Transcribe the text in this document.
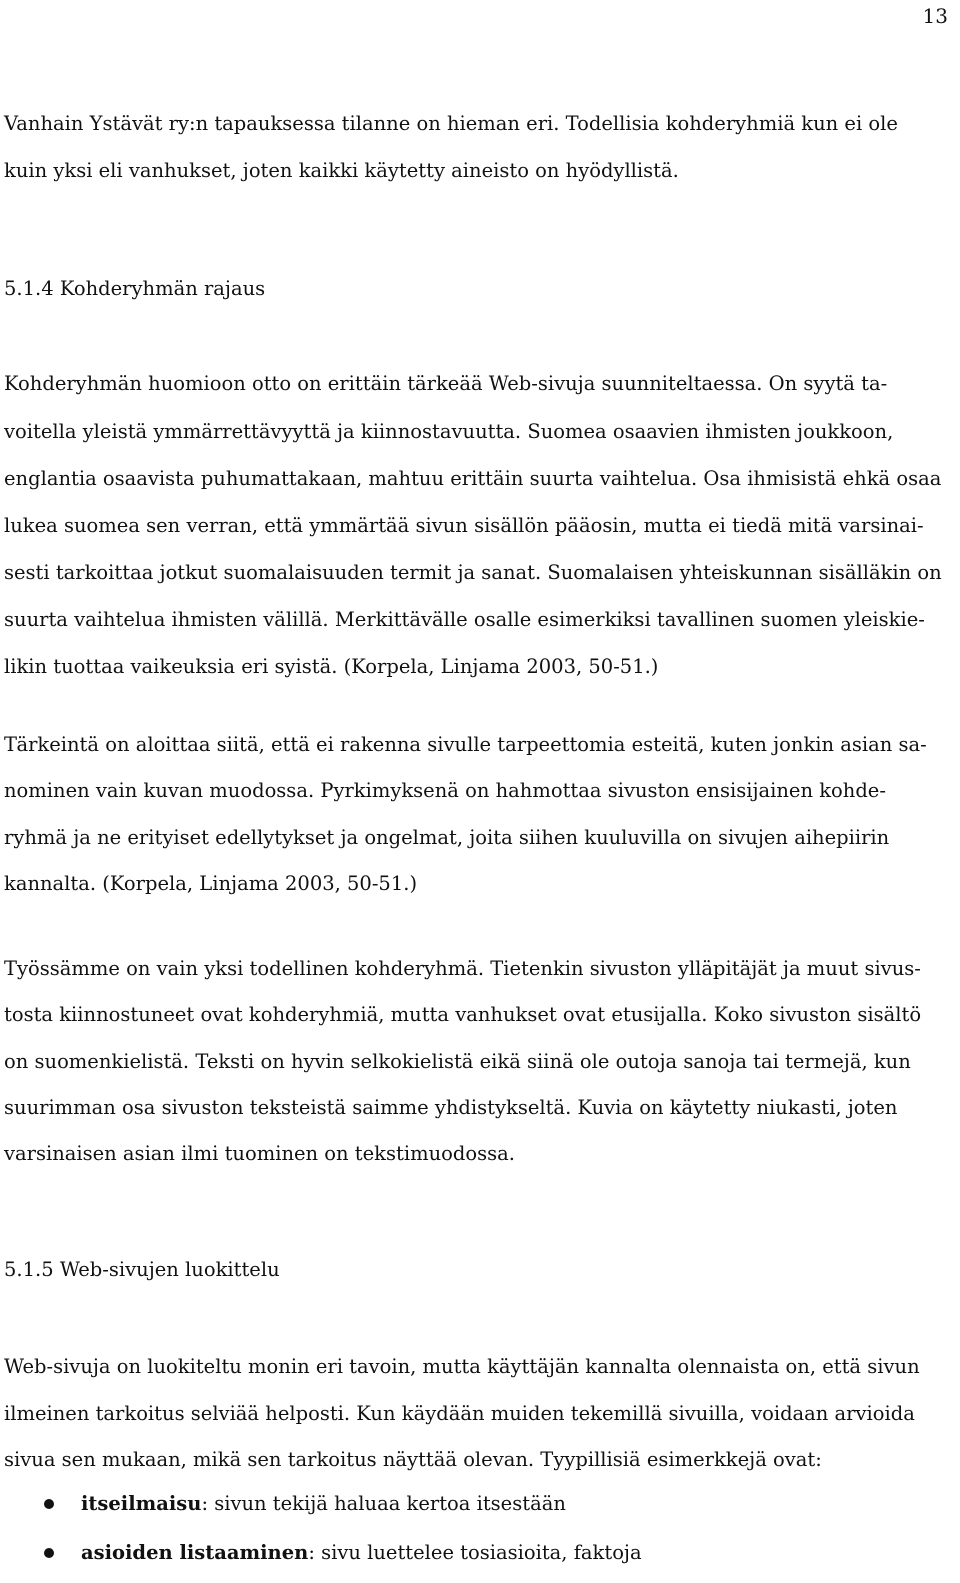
13
Vanhain Ystävät ry:n tapauksessa tilanne on hieman eri. Todellisia kohderyhmiä kun ei ole
kuin yksi eli vanhukset, joten kaikki käytetty aineisto on hyödyllistä.
5.1.4 Kohderyhmän rajaus
Kohderyhmän huomioon otto on erittäin tärkeää Web-sivuja suunniteltaessa. On syytä ta-
voitella yleistä ymmärrettävyyttä ja kiinnostavuutta. Suomea osaavien ihmisten joukkoon,
englantia osaavista puhumattakaan, mahtuu erittäin suurta vaihtelua. Osa ihmisistä ehkä osaa
lukea suomea sen verran, että ymmärtää sivun sisällön pääosin, mutta ei tiedä mitä varsinai-
sesti tarkoittaa jotkut suomalaisuuden termit ja sanat. Suomalaisen yhteiskunnan sisälläkin on
suurta vaihtelua ihmisten välillä. Merkittävälle osalle esimerkiksi tavallinen suomen yleiskie-
likin tuottaa vaikeuksia eri syistä. (Korpela, Linjama 2003, 50-51.)
Tärkeintä on aloittaa siitä, että ei rakenna sivulle tarpeettomia esteitä, kuten jonkin asian sa-
nominen vain kuvan muodossa. Pyrkimyksenä on hahmottaa sivuston ensisijainen kohde-
ryhmä ja ne erityiset edellytykset ja ongelmat, joita siihen kuuluvilla on sivujen aihepiirin
kannalta. (Korpela, Linjama 2003, 50-51.)
Työssämme on vain yksi todellinen kohderyhmä. Tietenkin sivuston ylläpitäjät ja muut sivus-
tosta kiinnostuneet ovat kohderyhmiä, mutta vanhukset ovat etusijalla. Koko sivuston sisältö
on suomenkielistä. Teksti on hyvin selkokielistä eikä siinä ole outoja sanoja tai termejä, kun
suurimman osa sivuston teksteistä saimme yhdistykseltä. Kuvia on käytetty niukasti, joten
varsinaisen asian ilmi tuominen on tekstimuodossa.
5.1.5 Web-sivujen luokittelu
Web-sivuja on luokiteltu monin eri tavoin, mutta käyttäjän kannalta olennaista on, että sivun
ilmeinen tarkoitus selviää helposti. Kun käydään muiden tekemillä sivuilla, voidaan arvioida
sivua sen mukaan, mikä sen tarkoitus näyttää olevan. Tyypillisiä esimerkkejä ovat:
itseilmaisu: sivun tekijä haluaa kertoa itsestään
asioiden listaaminen: sivu luettelee tosiasioita, faktoja
